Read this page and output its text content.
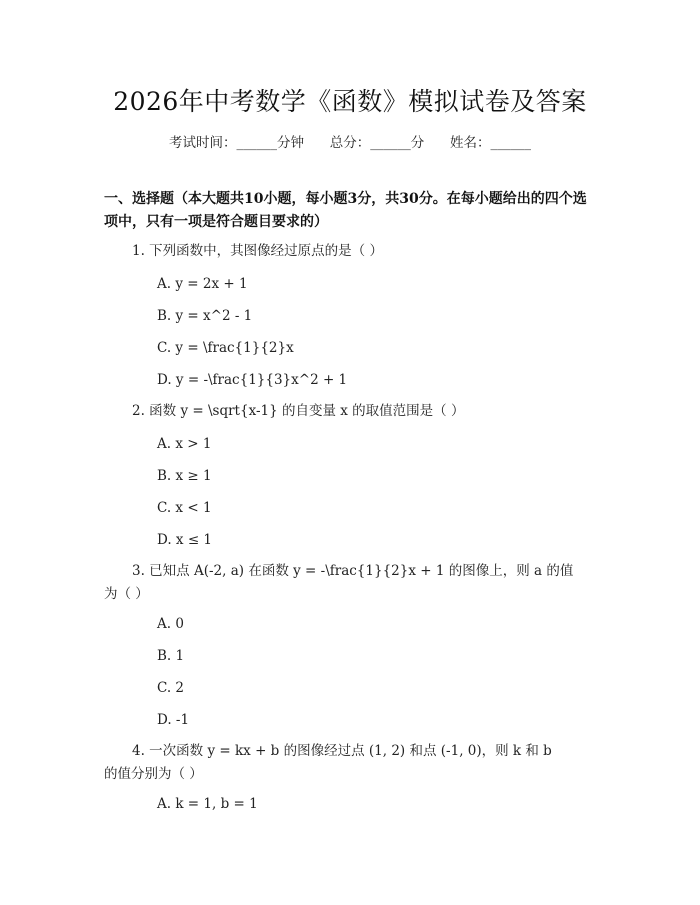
2026年中考数学《函数》模拟试卷及答案
考试时间：______分钟 总分：______分 姓名：______
一、选择题（本大题共10小题，每小题3分，共30分。在每小题给出的四个选
项中，只有一项是符合题目要求的）
1. 下列函数中，其图像经过原点的是（ ）
A. y = 2x + 1
B. y = x^2 - 1
C. y = \frac{1}{2}x
D. y = -\frac{1}{3}x^2 + 1
2. 函数 y = \sqrt{x-1} 的自变量 x 的取值范围是（ ）
A. x > 1
B. x ≥ 1
C. x < 1
D. x ≤ 1
3. 已知点 A(-2, a) 在函数 y = -\frac{1}{2}x + 1 的图像上，则 a 的值
为（ ）
A. 0
B. 1
C. 2
D. -1
4. 一次函数 y = kx + b 的图像经过点 (1, 2) 和点 (-1, 0)，则 k 和 b
的值分别为（ ）
A. k = 1, b = 1
